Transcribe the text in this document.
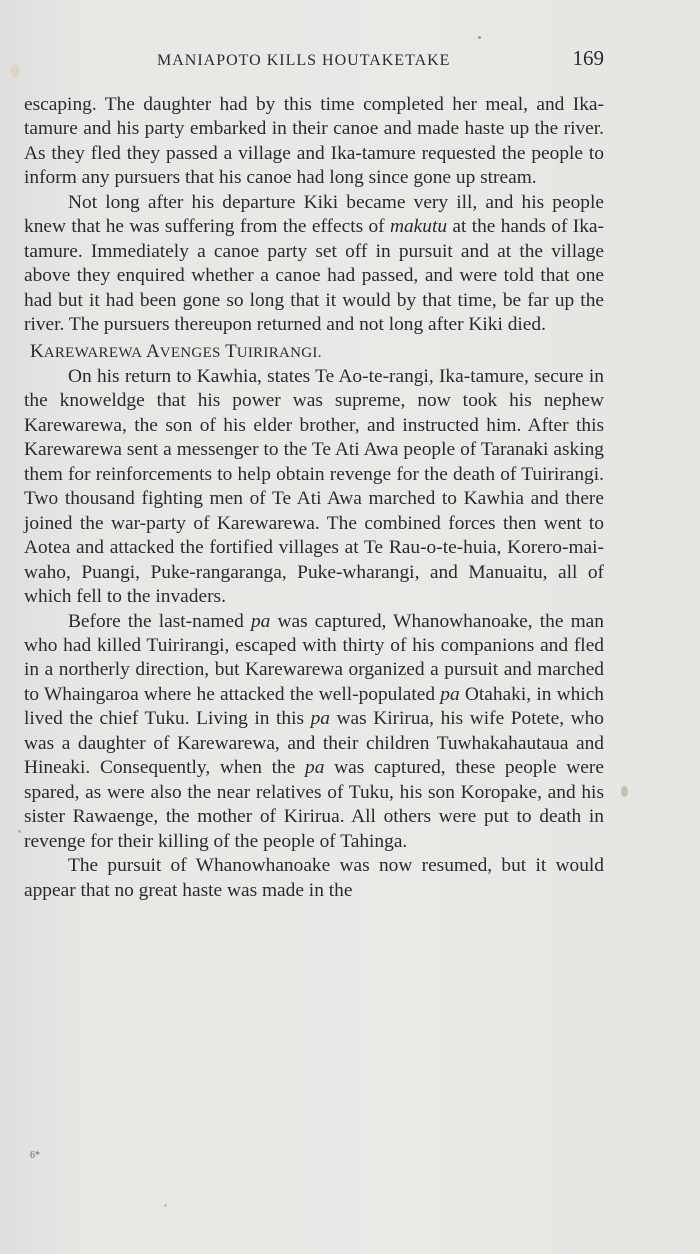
MANIAPOTO KILLS HOUTAKETAKE	169

escaping. The daughter had by this time completed her meal, and Ika-tamure and his party embarked in their canoe and made haste up the river. As they fled they passed a village and Ika-tamure requested the people to inform any pursuers that his canoe had long since gone up stream.

Not long after his departure Kiki became very ill, and his people knew that he was suffering from the effects of makutu at the hands of Ika-tamure. Immediately a canoe party set off in pursuit and at the village above they enquired whether a canoe had passed, and were told that one had but it had been gone so long that it would by that time, be far up the river. The pursuers thereupon returned and not long after Kiki died.

KAREWAREWA AVENGES TUIRIRANGI.

On his return to Kawhia, states Te Ao-te-rangi, Ika-tamure, secure in the knoweldge that his power was supreme, now took his nephew Karewarewa, the son of his elder brother, and instructed him. After this Karewarewa sent a messenger to the Te Ati Awa people of Taranaki asking them for reinforcements to help obtain revenge for the death of Tuirirangi. Two thousand fighting men of Te Ati Awa marched to Kawhia and there joined the war-party of Karewarewa. The combined forces then went to Aotea and attacked the fortified villages at Te Rau-o-te-huia, Korero-mai-waho, Puangi, Puke-rangaranga, Puke-wharangi, and Manuaitu, all of which fell to the invaders.

Before the last-named pa was captured, Whanowhanoake, the man who had killed Tuirirangi, escaped with thirty of his companions and fled in a northerly direction, but Karewarewa organized a pursuit and marched to Whaingaroa where he attacked the well-populated pa Otahaki, in which lived the chief Tuku. Living in this pa was Kirirua, his wife Potete, who was a daughter of Karewarewa, and their children Tuwhakahautaua and Hineaki. Consequently, when the pa was captured, these people were spared, as were also the near relatives of Tuku, his son Koropake, and his sister Rawaenge, the mother of Kirirua. All others were put to death in revenge for their killing of the people of Tahinga.

The pursuit of Whanowhanoake was now resumed, but it would appear that no great haste was made in the

6*
